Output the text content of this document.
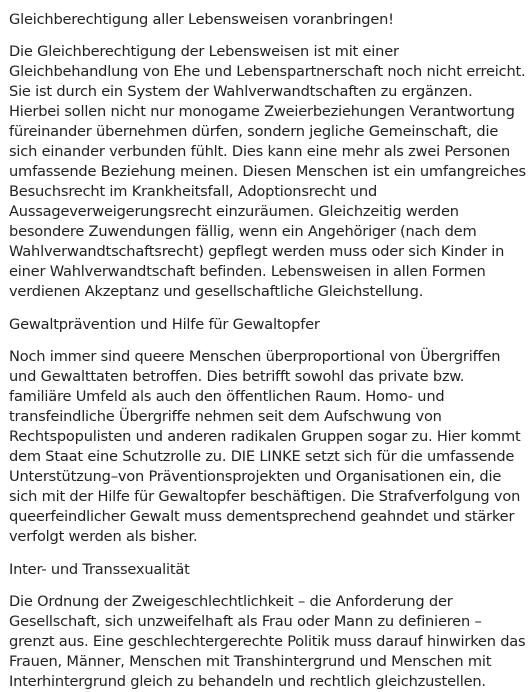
Gleichberechtigung aller Lebensweisen voranbringen!

Die Gleichberechtigung der Lebensweisen ist mit einer Gleichbehandlung von Ehe und Lebenspartnerschaft noch nicht erreicht. Sie ist durch ein System der Wahlverwandtschaften zu ergänzen. Hierbei sollen nicht nur monogame Zweierbeziehungen Verantwortung füreinander übernehmen dürfen, sondern jegliche Gemeinschaft, die sich einander verbunden fühlt. Dies kann eine mehr als zwei Personen umfassende Beziehung meinen. Diesen Menschen ist ein umfangreiches Besuchsrecht im Krankheitsfall, Adoptionsrecht und Aussageverweigerungsrecht einzuräumen. Gleichzeitig werden besondere Zuwendungen fällig, wenn ein Angehöriger (nach dem Wahlverwandtschaftsrecht) gepflegt werden muss oder sich Kinder in einer Wahlverwandtschaft befinden. Lebensweisen in allen Formen verdienen Akzeptanz und gesellschaftliche Gleichstellung.

Gewaltprävention und Hilfe für Gewaltopfer

Noch immer sind queere Menschen überproportional von Übergriffen und Gewalttaten betroffen. Dies betrifft sowohl das private bzw. familiäre Umfeld als auch den öffentlichen Raum. Homo- und transfeindliche Übergriffe nehmen seit dem Aufschwung von Rechtspopulisten und anderen radikalen Gruppen sogar zu. Hier kommt dem Staat eine Schutzrolle zu. DIE LINKE setzt sich für die umfassende Unterstützung–von Präventionsprojekten und Organisationen ein, die sich mit der Hilfe für Gewaltopfer beschäftigen. Die Strafverfolgung von queerfeindlicher Gewalt muss dementsprechend geahndet und stärker verfolgt werden als bisher.

Inter- und Transsexualität

Die Ordnung der Zweigeschlechtlichkeit – die Anforderung der Gesellschaft, sich unzweifelhaft als Frau oder Mann zu definieren – grenzt aus. Eine geschlechtergerechte Politik muss darauf hinwirken das Frauen, Männer, Menschen mit Transhintergrund und Menschen mit Interhintergrund gleich zu behandeln und rechtlich gleichzustellen.
